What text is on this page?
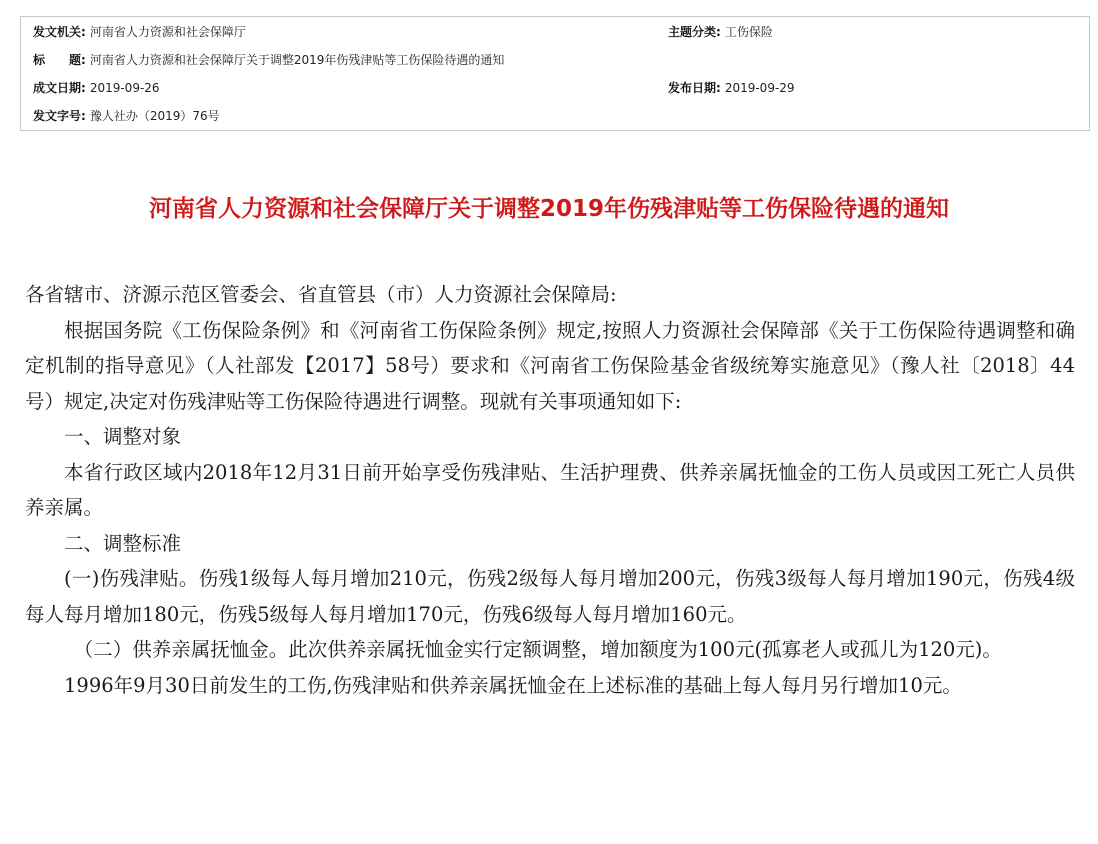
发文机关: 河南省人力资源和社会保障厅	主题分类: 工伤保险
标　　题: 河南省人力资源和社会保障厅关于调整2019年伤残津贴等工伤保险待遇的通知
成文日期: 2019-09-26	发布日期: 2019-09-29
发文字号: 豫人社办（2019）76号
河南省人力资源和社会保障厅关于调整2019年伤残津贴等工伤保险待遇的通知

各省辖市、济源示范区管委会、省直管县（市）人力资源社会保障局:

根据国务院《工伤保险条例》和《河南省工伤保险条例》规定,按照人力资源社会保障部《关于工伤保险待遇调整和确定机制的指导意见》（人社部发【2017】58号）要求和《河南省工伤保险基金省级统筹实施意见》（豫人社〔2018〕44号）规定,决定对伤残津贴等工伤保险待遇进行调整。现就有关事项通知如下:

一、调整对象

本省行政区域内2018年12月31日前开始享受伤残津贴、生活护理费、供养亲属抚恤金的工伤人员或因工死亡人员供养亲属。

二、调整标准

(一)伤残津贴。伤残1级每人每月增加210元，伤残2级每人每月增加200元，伤残3级每人每月增加190元，伤残4级每人每月增加180元，伤残5级每人每月增加170元，伤残6级每人每月增加160元。

（二）供养亲属抚恤金。此次供养亲属抚恤金实行定额调整，增加额度为100元(孤寡老人或孤儿为120元)。

1996年9月30日前发生的工伤,伤残津贴和供养亲属抚恤金在上述标准的基础上每人每月另行增加10元。
